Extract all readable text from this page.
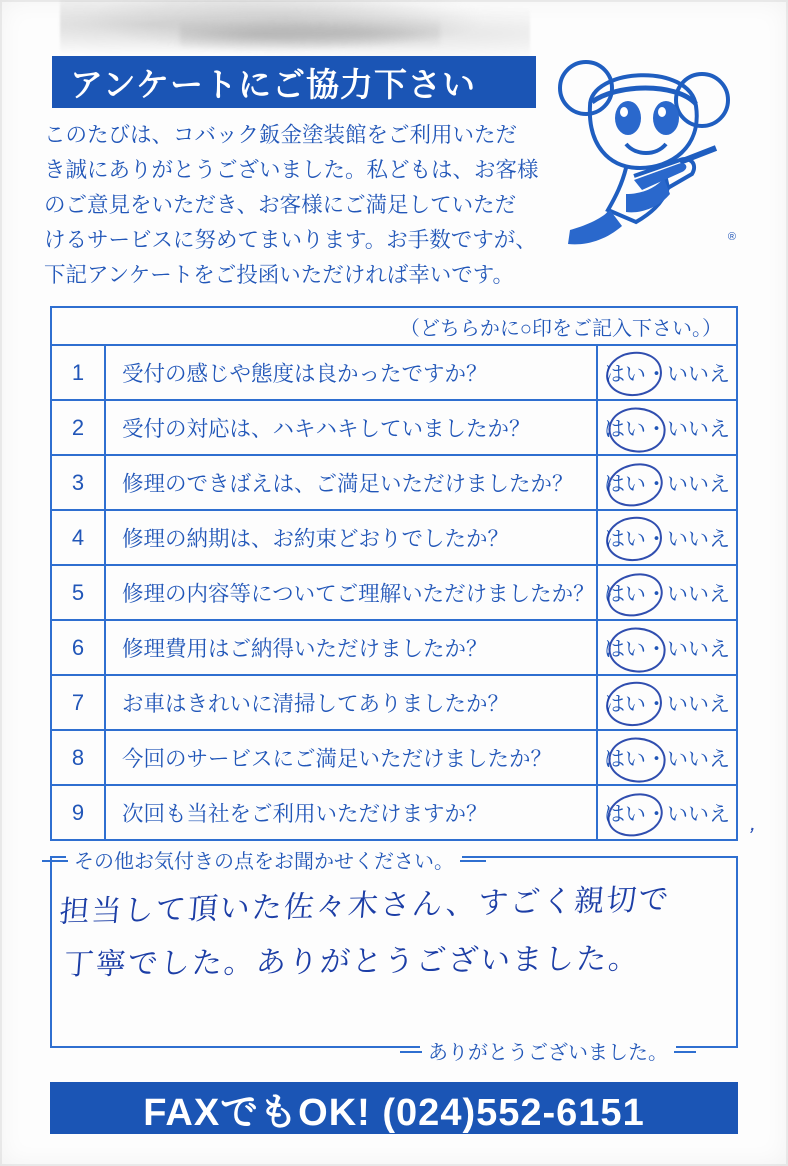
アンケートにご協力下さい
このたびは、コバック鈑金塗装館をご利用いただ
き誠にありがとうございました。私どもは、お客様
のご意見をいただき、お客様にご満足していただ
けるサービスに努めてまいります。お手数ですが、
下記アンケートをご投函いただければ幸いです。
®
（どちらかに○印をご記入下さい。）
1	受付の感じや態度は良かったですか？	はい・いいえ
2	受付の対応は、ハキハキしていましたか？	はい・いいえ
3	修理のできばえは、ご満足いただけましたか？	はい・いいえ
4	修理の納期は、お約束どおりでしたか？	はい・いいえ
5	修理の内容等についてご理解いただけましたか？ はい・いいえ
6	修理費用はご納得いただけましたか？	はい・いいえ
7	お車はきれいに清掃してありましたか？	はい・いいえ
8	今回のサービスにご満足いただけましたか？	はい・いいえ
9	次回も当社をご利用いただけますか？	はい・いいえ ,
その他お気付きの点をお聞かせください。
担当して頂いた佐々木さん、すごく親切で
丁寧でした。ありがとうございました。
ありがとうございました。
FAXでもOK! (024)552-6151
